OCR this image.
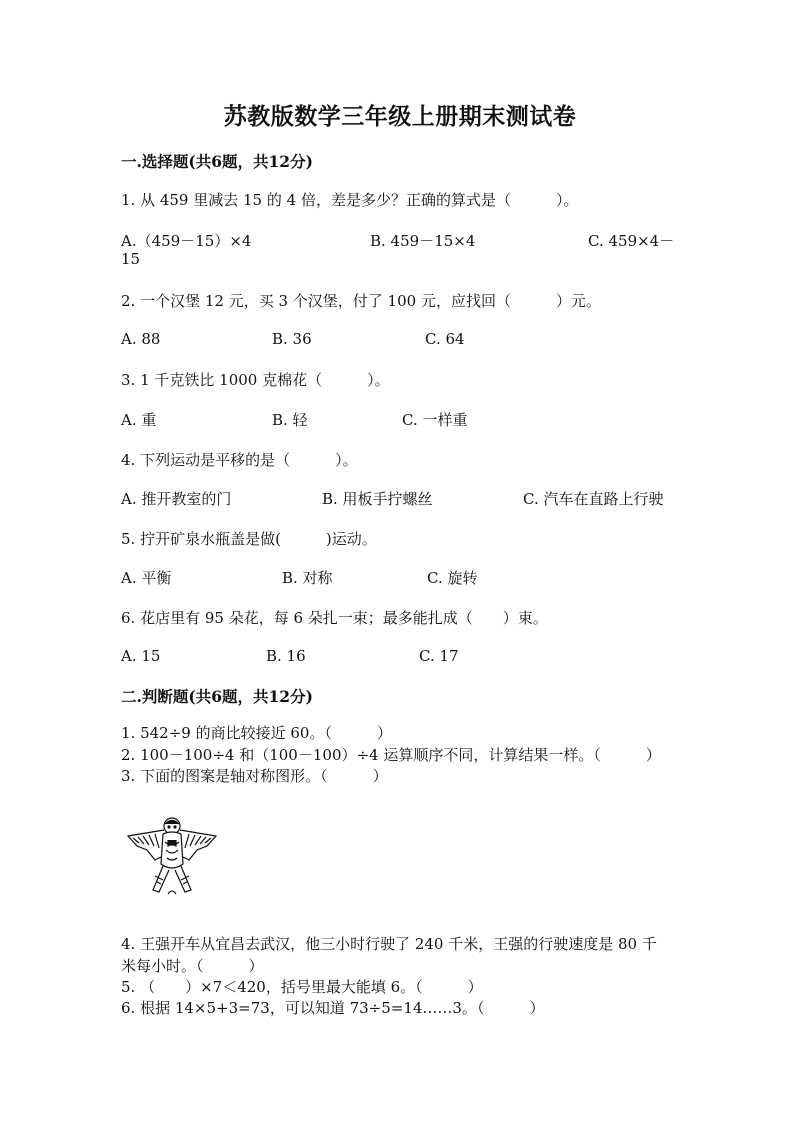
苏教版数学三年级上册期末测试卷
一.选择题(共6题，共12分)
1. 从 459 里减去 15 的 4 倍，差是多少？正确的算式是（　　　）。
A.（459－15）×4	B. 459－15×4	C. 459×4－
15
2. 一个汉堡 12 元，买 3 个汉堡，付了 100 元，应找回（　　　）元。
A. 88	B. 36	C. 64
3. 1 千克铁比 1000 克棉花（　　　）。
A. 重	B. 轻	C. 一样重
4. 下列运动是平移的是（　　　）。
A. 推开教室的门	B. 用板手拧螺丝	C. 汽车在直路上行驶
5. 拧开矿泉水瓶盖是做(　　　)运动。
A. 平衡	B. 对称	C. 旋转
6. 花店里有 95 朵花，每 6 朵扎一束；最多能扎成（　　）束。
A. 15	B. 16	C. 17
二.判断题(共6题，共12分)
1. 542÷9 的商比较接近 60。（　　　）
2. 100－100÷4 和（100－100）÷4 运算顺序不同，计算结果一样。（　　　）
3. 下面的图案是轴对称图形。（　　　）
4. 王强开车从宜昌去武汉，他三小时行驶了 240 千米，王强的行驶速度是 80 千
米每小时。（　　　）
5. （　　）×7＜420，括号里最大能填 6。（　　　）
6. 根据 14×5+3=73，可以知道 73÷5=14……3。（　　　）
